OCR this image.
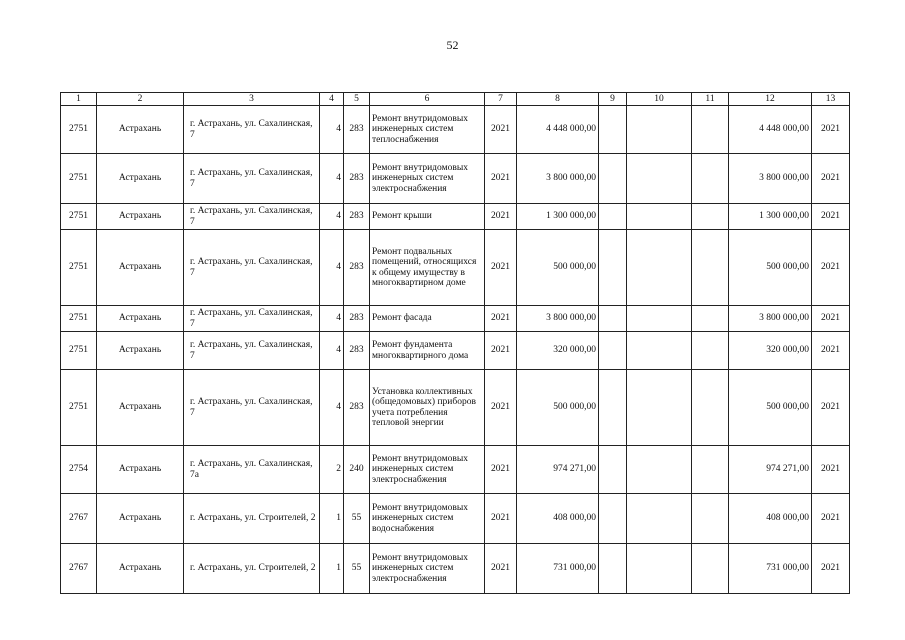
52
1	2	3	4	5	6	7	8	9	10	11	12	13
2751	Астрахань	г. Астрахань, ул. Сахалинская, 7	4	283	Ремонт внутридомовых инженерных систем теплоснабжения	2021	4 448 000,00				4 448 000,00	2021
2751	Астрахань	г. Астрахань, ул. Сахалинская, 7	4	283	Ремонт внутридомовых инженерных систем электроснабжения	2021	3 800 000,00				3 800 000,00	2021
2751	Астрахань	г. Астрахань, ул. Сахалинская, 7	4	283	Ремонт крыши	2021	1 300 000,00				1 300 000,00	2021
2751	Астрахань	г. Астрахань, ул. Сахалинская, 7	4	283	Ремонт подвальных помещений, относящихся к общему имуществу в многоквартирном доме	2021	500 000,00				500 000,00	2021
2751	Астрахань	г. Астрахань, ул. Сахалинская, 7	4	283	Ремонт фасада	2021	3 800 000,00				3 800 000,00	2021
2751	Астрахань	г. Астрахань, ул. Сахалинская, 7	4	283	Ремонт фундамента многоквартирного дома	2021	320 000,00				320 000,00	2021
2751	Астрахань	г. Астрахань, ул. Сахалинская, 7	4	283	Установка коллективных (общедомовых) приборов учета потребления тепловой энергии	2021	500 000,00				500 000,00	2021
2754	Астрахань	г. Астрахань, ул. Сахалинская, 7а	2	240	Ремонт внутридомовых инженерных систем электроснабжения	2021	974 271,00				974 271,00	2021
2767	Астрахань	г. Астрахань, ул. Строителей, 2	1	55	Ремонт внутридомовых инженерных систем водоснабжения	2021	408 000,00				408 000,00	2021
2767	Астрахань	г. Астрахань, ул. Строителей, 2	1	55	Ремонт внутридомовых инженерных систем электроснабжения	2021	731 000,00				731 000,00	2021
